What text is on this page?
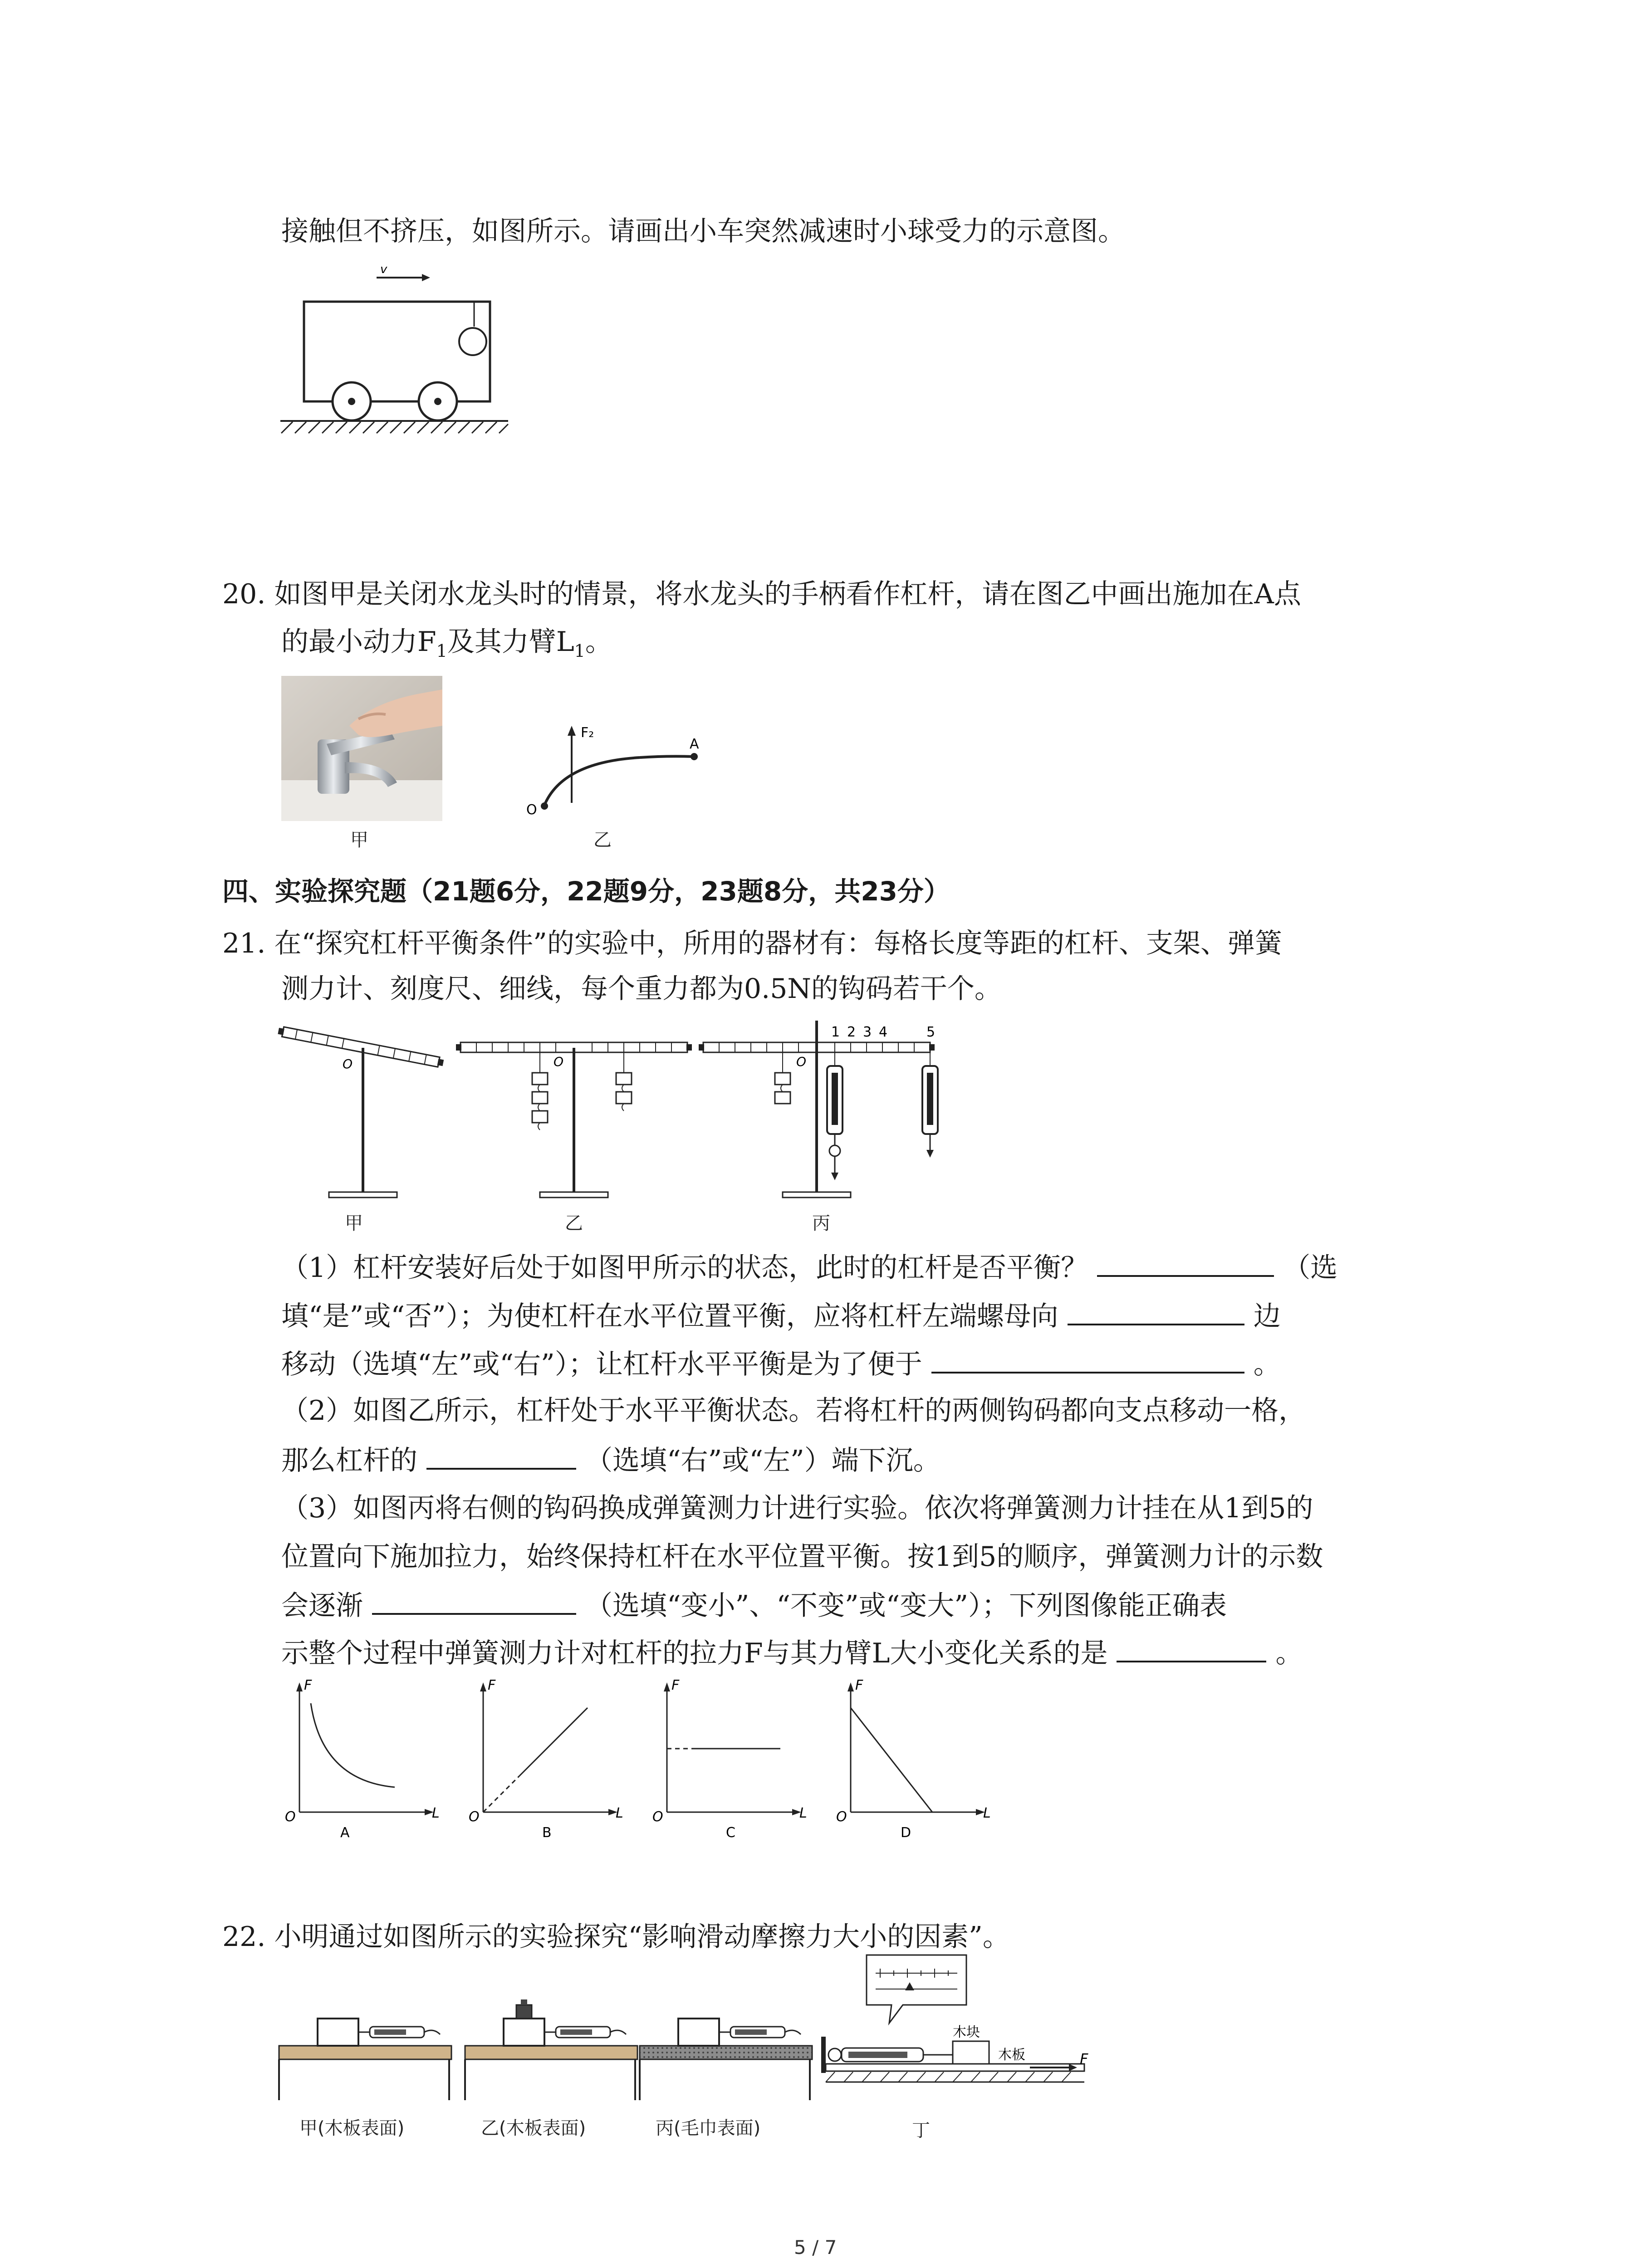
接触但不挤压，如图所示。请画出小车突然减速时小球受力的示意图。
v
20. 如图甲是关闭水龙头时的情景，将水龙头的手柄看作杠杆，请在图乙中画出施加在A点
的最小动力$F_1$及其力臂$L_1$。
甲
F₂
A
O
乙
四、实验探究题（21题6分，22题9分，23题8分，共23分）
21. 在“探究杠杆平衡条件”的实验中，所用的器材有：每格长度等距的杠杆、支架、弹簧
测力计、刻度尺、细线，每个重力都为0.5N的钩码若干个。
O
甲
O
乙
1 2 3 4	5
O
丙
（1）杠杆安装好后处于如图甲所示的状态，此时的杠杆是否平衡？	（选
填“是”或“否”）；为使杠杆在水平位置平衡，应将杠杆左端螺母向	边
移动（选填“左”或“右”）；让杠杆水平平衡是为了便于	。
（2）如图乙所示，杠杆处于水平平衡状态。若将杠杆的两侧钩码都向支点移动一格，
那么杠杆的	（选填“右”或“左”）端下沉。
（3）如图丙将右侧的钩码换成弹簧测力计进行实验。依次将弹簧测力计挂在从1到5的
位置向下施加拉力，始终保持杠杆在水平位置平衡。按1到5的顺序，弹簧测力计的示数
会逐渐	（选填“变小”、“不变”或“变大”）；下列图像能正确表
示整个过程中弹簧测力计对杠杆的拉力F与其力臂L大小变化关系的是	。
F
L
O
A
F
L
O
B
F
L
O
C
F
L
O
D
22. 小明通过如图所示的实验探究“影响滑动摩擦力大小的因素”。
甲(木板表面)	乙(木板表面)	丙(毛巾表面)
木块
木板	F
丁
5 / 7
